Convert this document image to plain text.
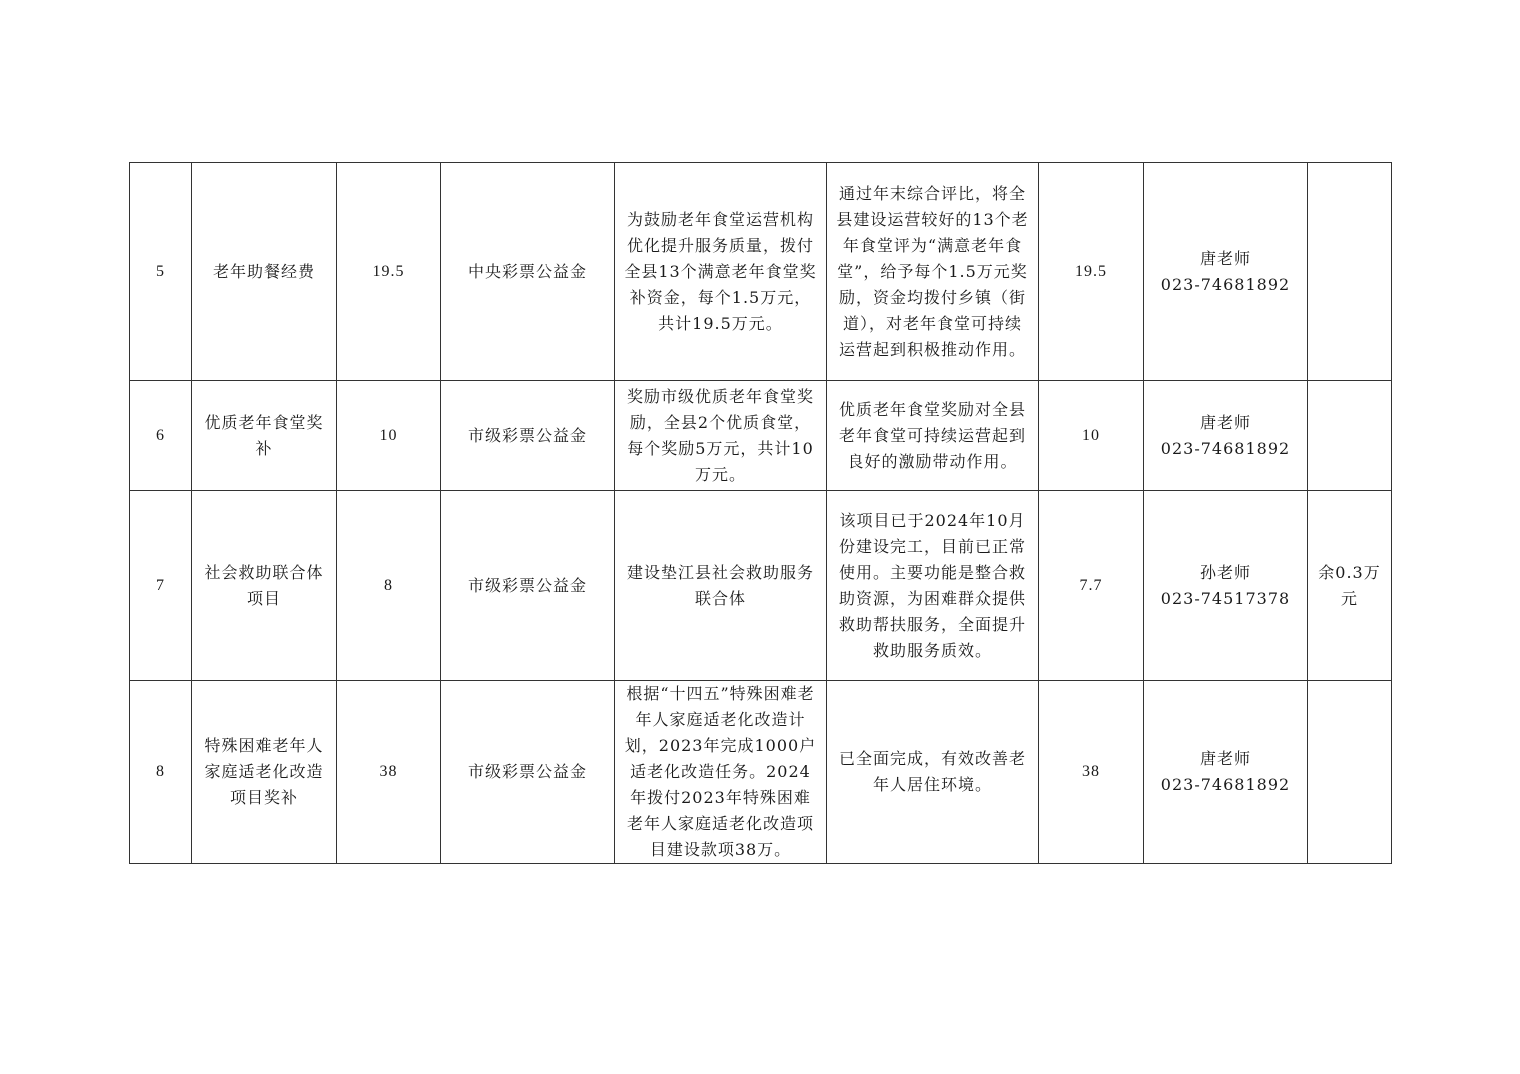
5	老年助餐经费	19.5	中央彩票公益金	为鼓励老年食堂运营机构优化提升服务质量，拨付全县13个满意老年食堂奖补资金，每个1.5万元，共计19.5万元。	通过年末综合评比，将全县建设运营较好的13个老年食堂评为“满意老年食堂”，给予每个1.5万元奖励，资金均拨付乡镇（街道），对老年食堂可持续运营起到积极推动作用。	19.5	唐老师
023-74681892	

6	优质老年食堂奖补	10	市级彩票公益金	奖励市级优质老年食堂奖励，全县2个优质食堂，每个奖励5万元，共计10万元。	优质老年食堂奖励对全县老年食堂可持续运营起到良好的激励带动作用。	10	唐老师
023-74681892	

7	社会救助联合体项目	8	市级彩票公益金	建设垫江县社会救助服务联合体	该项目已于2024年10月份建设完工，目前已正常使用。主要功能是整合救助资源，为困难群众提供救助帮扶服务，全面提升救助服务质效。	7.7	孙老师
023-74517378	余0.3万元
8	特殊困难老年人家庭适老化改造项目奖补	38	市级彩票公益金	根据“十四五”特殊困难老年人家庭适老化改造计划，2023年完成1000户适老化改造任务。2024年拨付2023年特殊困难老年人家庭适老化改造项目建设款项38万。	已全面完成，有效改善老年人居住环境。	38	唐老师
023-74681892	
